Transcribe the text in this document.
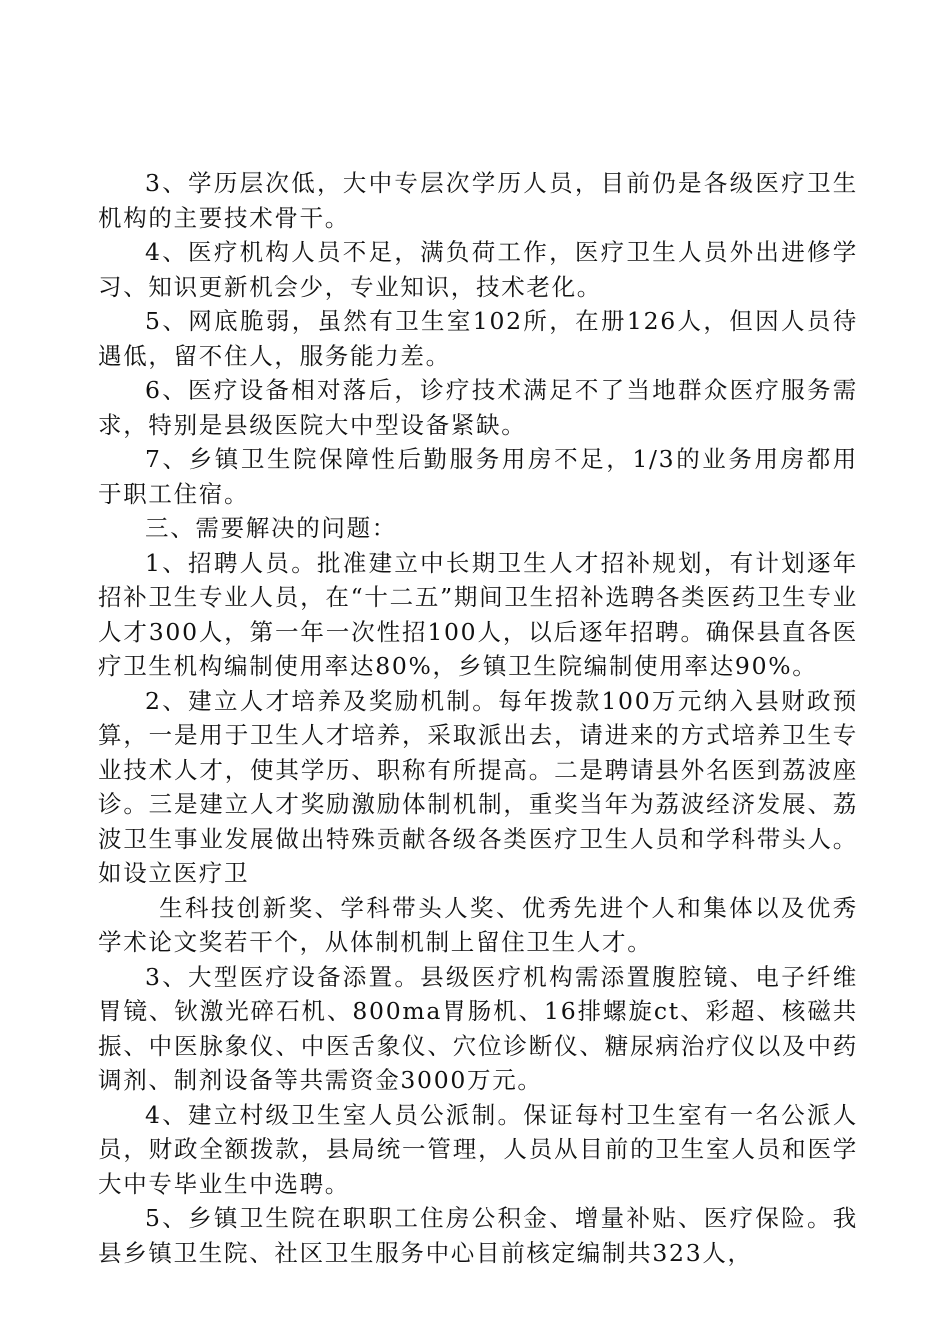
3、学历层次低，大中专层次学历人员，目前仍是各级医疗卫生机构的主要技术骨干。

4、医疗机构人员不足，满负荷工作，医疗卫生人员外出进修学习、知识更新机会少，专业知识，技术老化。

5、网底脆弱，虽然有卫生室102所，在册126人，但因人员待遇低，留不住人，服务能力差。

6、医疗设备相对落后，诊疗技术满足不了当地群众医疗服务需求，特别是县级医院大中型设备紧缺。

7、乡镇卫生院保障性后勤服务用房不足，1/3的业务用房都用于职工住宿。

三、需要解决的问题：

1、招聘人员。批准建立中长期卫生人才招补规划，有计划逐年招补卫生专业人员，在“十二五”期间卫生招补选聘各类医药卫生专业人才300人，第一年一次性招100人，以后逐年招聘。确保县直各医疗卫生机构编制使用率达80%，乡镇卫生院编制使用率达90%。

2、建立人才培养及奖励机制。每年拨款100万元纳入县财政预算，一是用于卫生人才培养，采取派出去，请进来的方式培养卫生专业技术人才，使其学历、职称有所提高。二是聘请县外名医到荔波座诊。三是建立人才奖励激励体制机制，重奖当年为荔波经济发展、荔波卫生事业发展做出特殊贡献各级各类医疗卫生人员和学科带头人。如设立医疗卫

生科技创新奖、学科带头人奖、优秀先进个人和集体以及优秀学术论文奖若干个，从体制机制上留住卫生人才。

3、大型医疗设备添置。县级医疗机构需添置腹腔镜、电子纤维胃镜、钬激光碎石机、800ma胃肠机、16排螺旋ct、彩超、核磁共振、中医脉象仪、中医舌象仪、穴位诊断仪、糖尿病治疗仪以及中药调剂、制剂设备等共需资金3000万元。

4、建立村级卫生室人员公派制。保证每村卫生室有一名公派人员，财政全额拨款，县局统一管理，人员从目前的卫生室人员和医学大中专毕业生中选聘。

5、乡镇卫生院在职职工住房公积金、增量补贴、医疗保险。我县乡镇卫生院、社区卫生服务中心目前核定编制共323人，
